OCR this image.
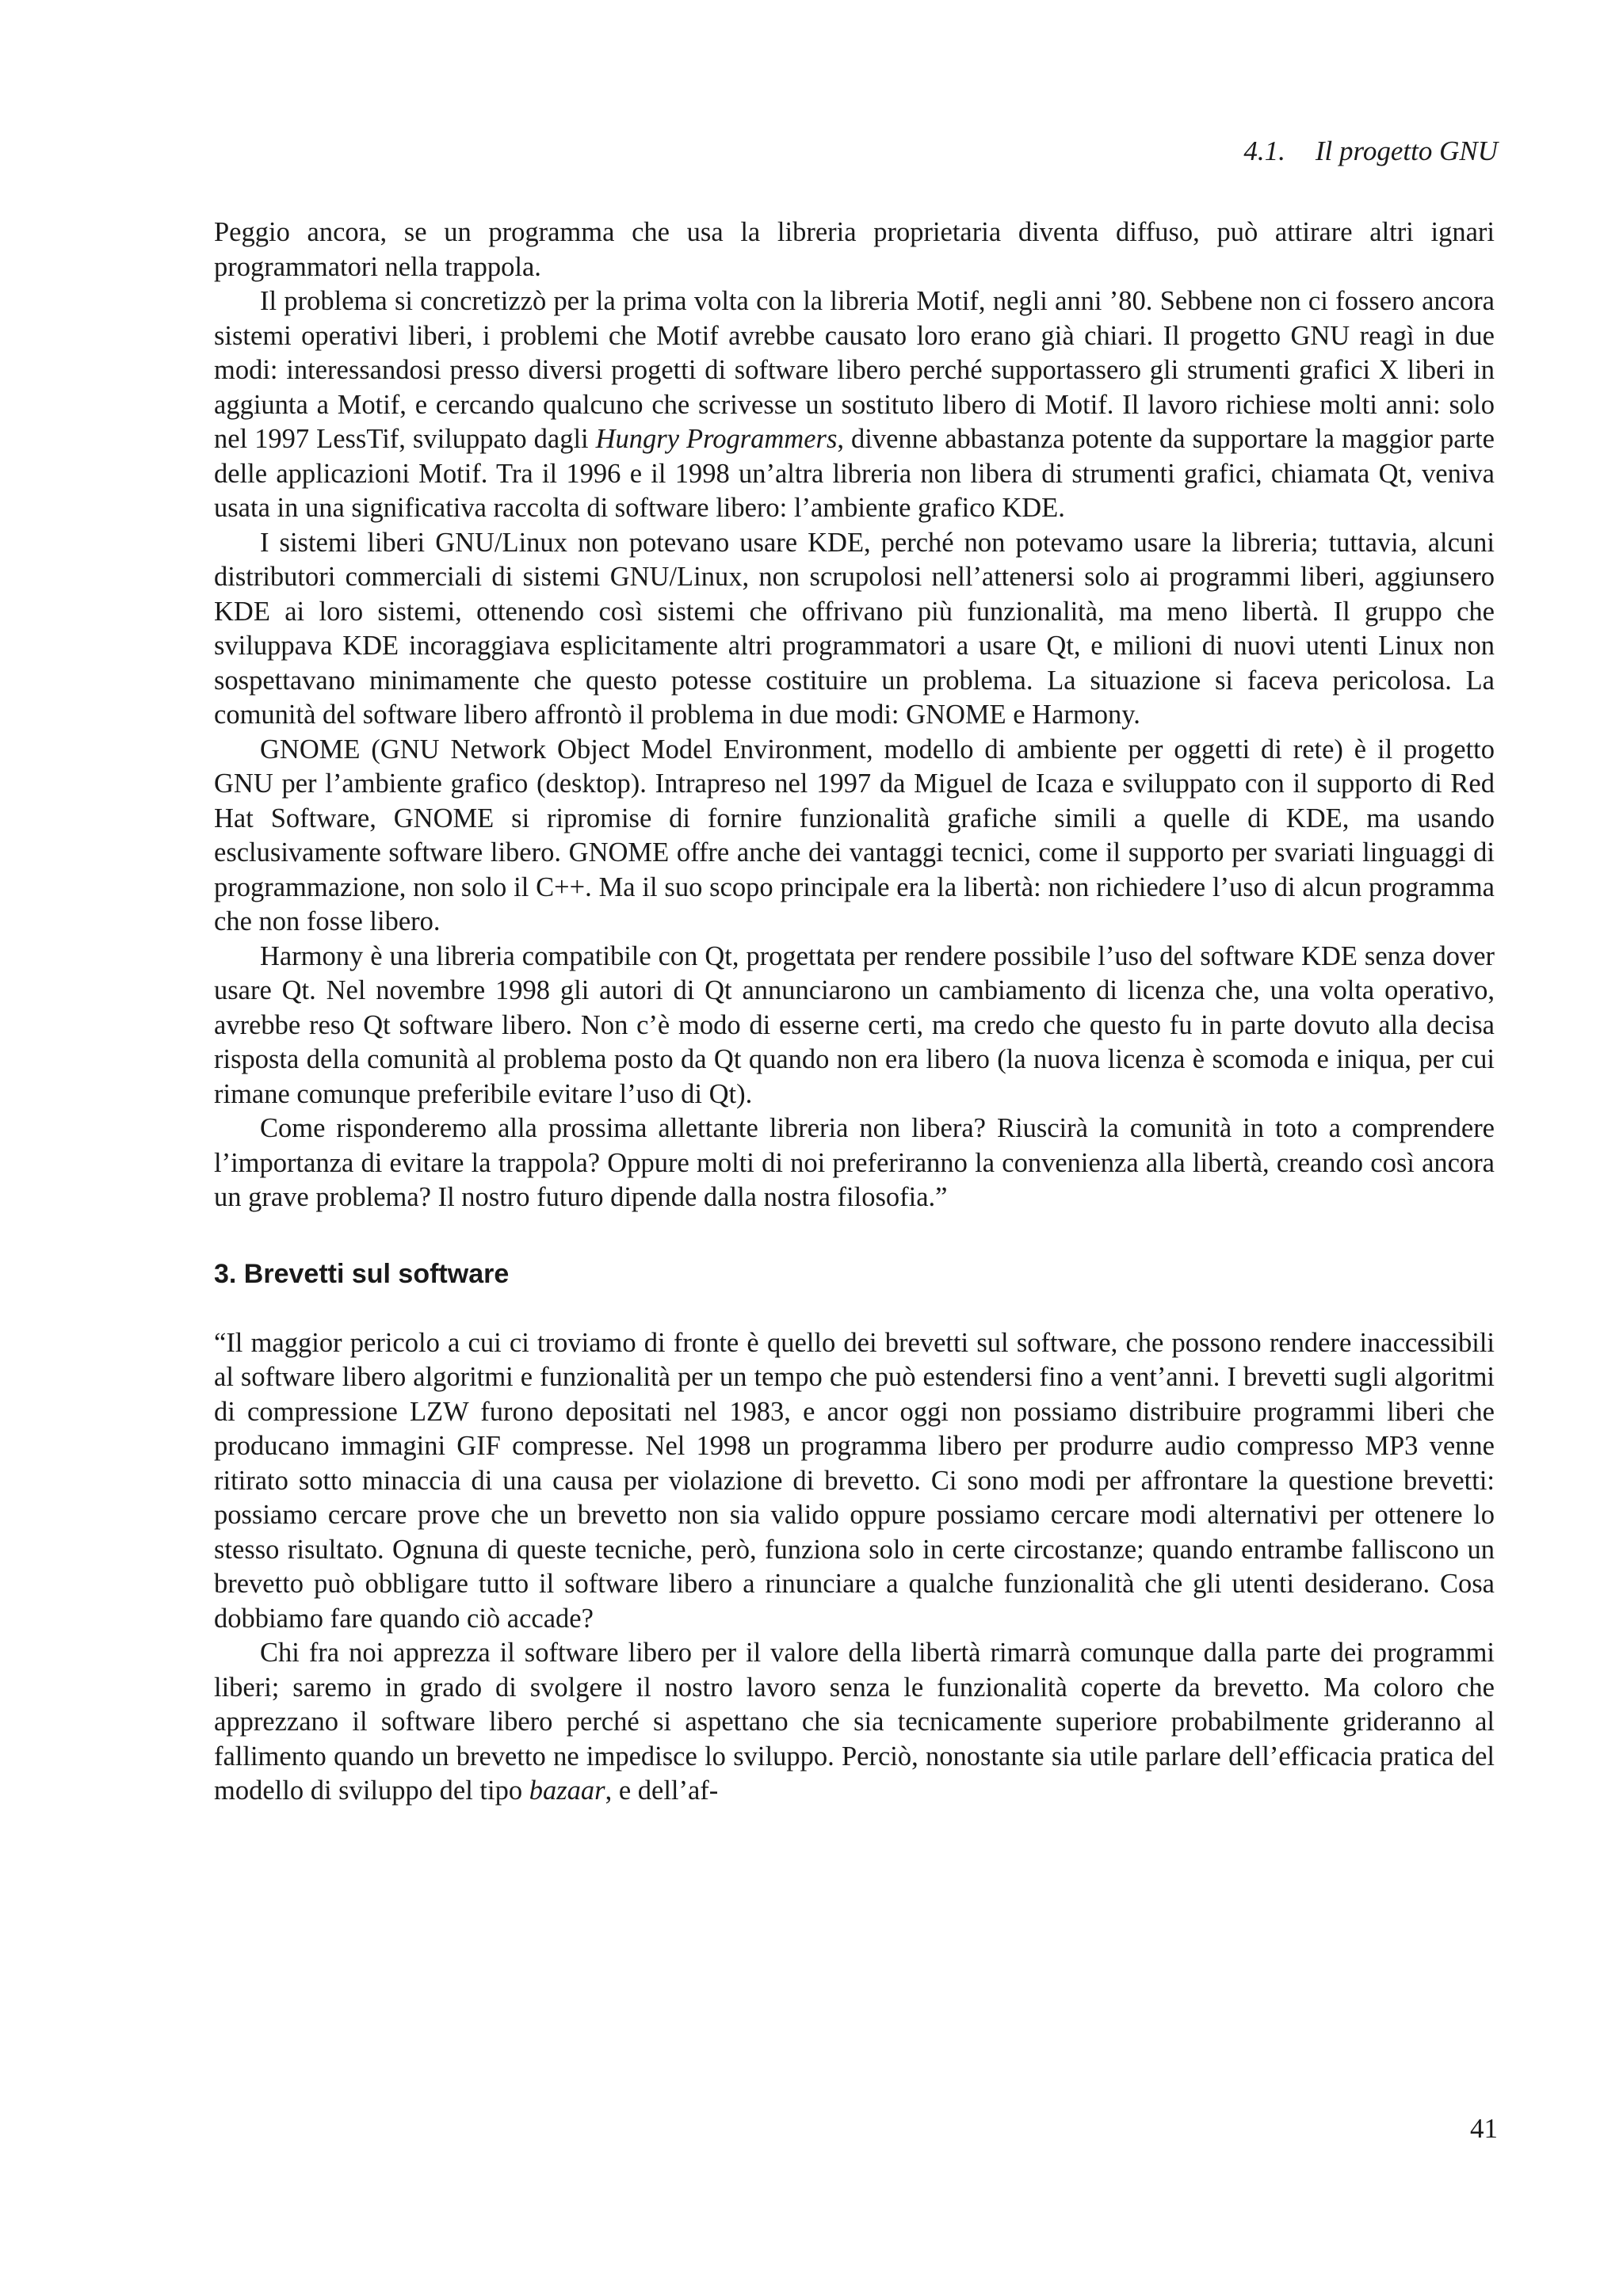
4.1. Il progetto GNU

Peggio ancora, se un programma che usa la libreria proprietaria diventa diffuso, può attirare altri ignari programmatori nella trappola.

Il problema si concretizzò per la prima volta con la libreria Motif, negli anni ’80. Sebbene non ci fossero ancora sistemi operativi liberi, i problemi che Motif avrebbe causato loro erano già chiari. Il progetto GNU reagì in due modi: interessandosi presso diversi progetti di software libero perché supportassero gli strumenti grafici X liberi in aggiunta a Motif, e cercando qualcuno che scrivesse un sostituto libero di Motif. Il lavoro richiese molti anni: solo nel 1997 LessTif, sviluppato dagli Hungry Programmers, divenne abbastanza potente da supportare la maggior parte delle applicazioni Motif. Tra il 1996 e il 1998 un’altra libreria non libera di strumenti grafici, chiamata Qt, veniva usata in una significativa raccolta di software libero: l’ambiente grafico KDE.

I sistemi liberi GNU/Linux non potevano usare KDE, perché non potevamo usare la libreria; tuttavia, alcuni distributori commerciali di sistemi GNU/Linux, non scrupolosi nell’attenersi solo ai programmi liberi, aggiunsero KDE ai loro sistemi, ottenendo così sistemi che offrivano più funzionalità, ma meno libertà. Il gruppo che sviluppava KDE incoraggiava esplicitamente altri programmatori a usare Qt, e milioni di nuovi utenti Linux non sospettavano minimamente che questo potesse costituire un problema. La situazione si faceva pericolosa. La comunità del software libero affrontò il problema in due modi: GNOME e Harmony.

GNOME (GNU Network Object Model Environment, modello di ambiente per oggetti di rete) è il progetto GNU per l’ambiente grafico (desktop). Intrapreso nel 1997 da Miguel de Icaza e sviluppato con il supporto di Red Hat Software, GNOME si ripromise di fornire funzionalità grafiche simili a quelle di KDE, ma usando esclusivamente software libero. GNOME offre anche dei vantaggi tecnici, come il supporto per svariati linguaggi di programmazione, non solo il C++. Ma il suo scopo principale era la libertà: non richiedere l’uso di alcun programma che non fosse libero.

Harmony è una libreria compatibile con Qt, progettata per rendere possibile l’uso del software KDE senza dover usare Qt. Nel novembre 1998 gli autori di Qt annunciarono un cambiamento di licenza che, una volta operativo, avrebbe reso Qt software libero. Non c’è modo di esserne certi, ma credo che questo fu in parte dovuto alla decisa risposta della comunità al problema posto da Qt quando non era libero (la nuova licenza è scomoda e iniqua, per cui rimane comunque preferibile evitare l’uso di Qt).

Come risponderemo alla prossima allettante libreria non libera? Riuscirà la comunità in toto a comprendere l’importanza di evitare la trappola? Oppure molti di noi preferiranno la convenienza alla libertà, creando così ancora un grave problema? Il nostro futuro dipende dalla nostra filosofia.”

3. Brevetti sul software

“Il maggior pericolo a cui ci troviamo di fronte è quello dei brevetti sul software, che possono rendere inaccessibili al software libero algoritmi e funzionalità per un tempo che può estendersi fino a vent’anni. I brevetti sugli algoritmi di compressione LZW furono depositati nel 1983, e ancor oggi non possiamo distribuire programmi liberi che producano immagini GIF compresse. Nel 1998 un programma libero per produrre audio compresso MP3 venne ritirato sotto minaccia di una causa per violazione di brevetto. Ci sono modi per affrontare la questione brevetti: possiamo cercare prove che un brevetto non sia valido oppure possiamo cercare modi alternativi per ottenere lo stesso risultato. Ognuna di queste tecniche, però, funziona solo in certe circostanze; quando entrambe falliscono un brevetto può obbligare tutto il software libero a rinunciare a qualche funzionalità che gli utenti desiderano. Cosa dobbiamo fare quando ciò accade?

Chi fra noi apprezza il software libero per il valore della libertà rimarrà comunque dalla parte dei programmi liberi; saremo in grado di svolgere il nostro lavoro senza le funzionalità coperte da brevetto. Ma coloro che apprezzano il software libero perché si aspettano che sia tecnicamente superiore probabilmente grideranno al fallimento quando un brevetto ne impedisce lo sviluppo. Perciò, nonostante sia utile parlare dell’efficacia pratica del modello di sviluppo del tipo bazaar, e dell’af-

41
